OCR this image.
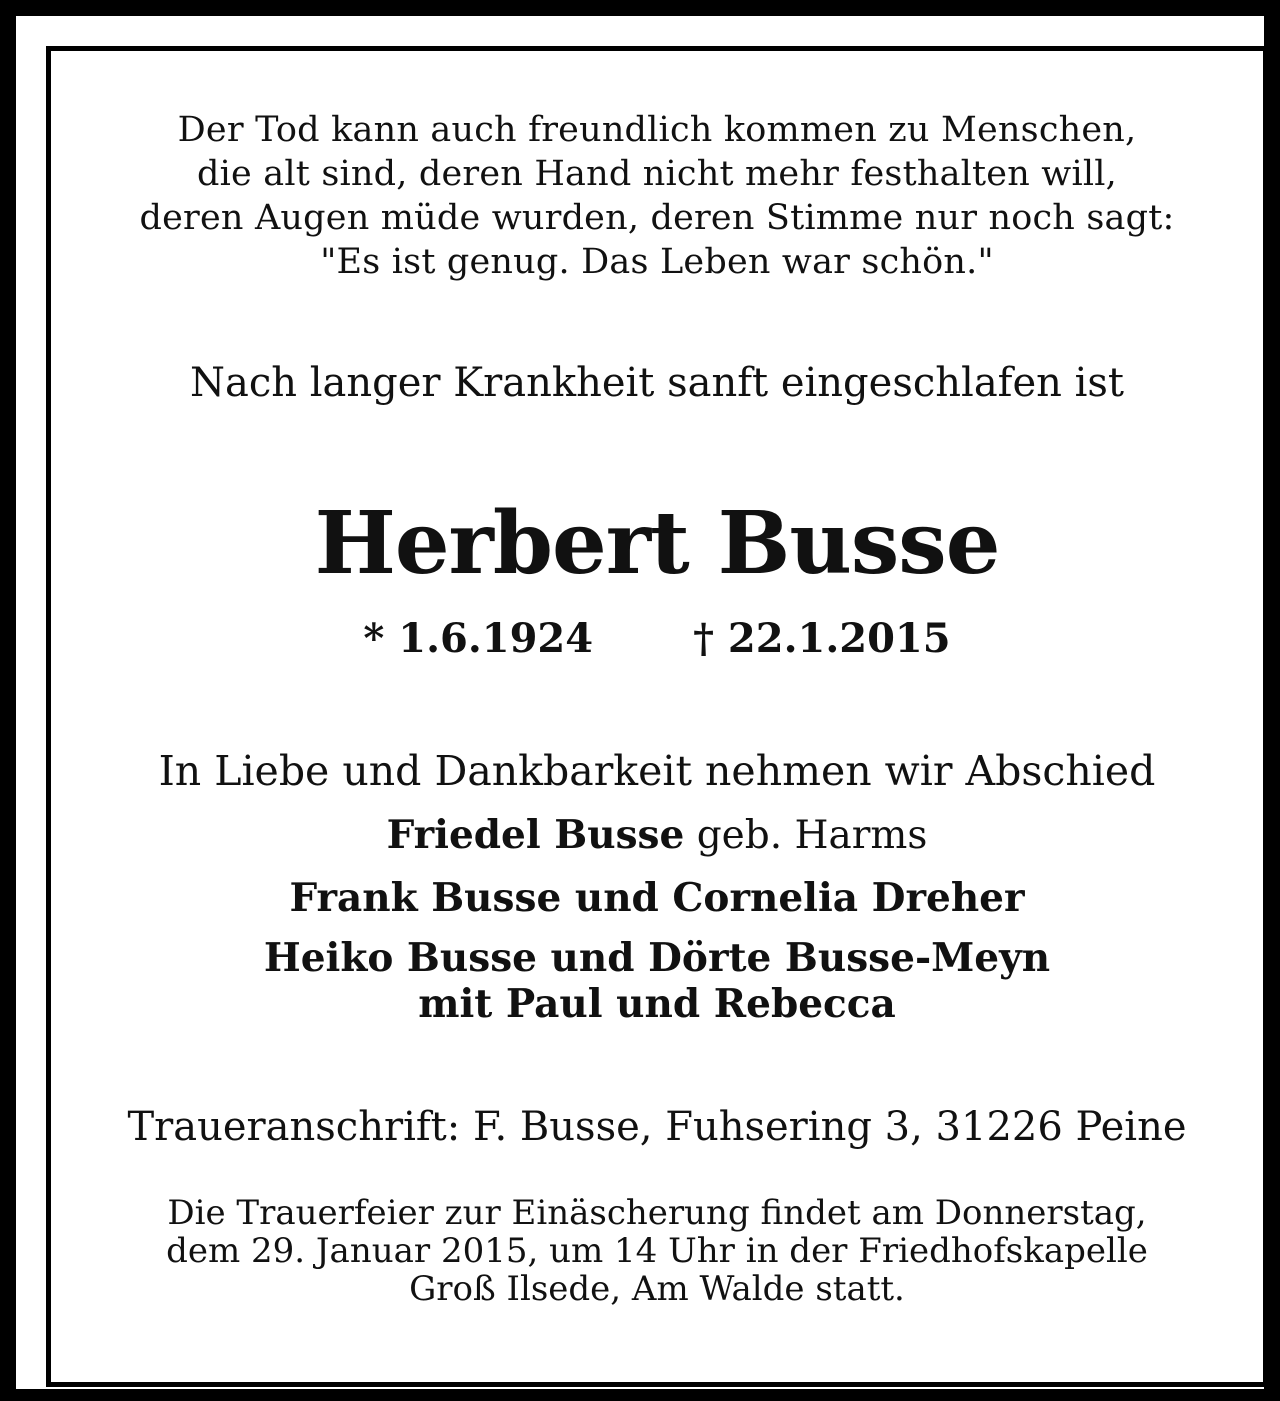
Der Tod kann auch freundlich kommen zu Menschen,
die alt sind, deren Hand nicht mehr festhalten will,
deren Augen müde wurden, deren Stimme nur noch sagt:
"Es ist genug. Das Leben war schön."
Nach langer Krankheit sanft eingeschlafen ist
Herbert Busse
* 1.6.1924	† 22.1.2015
In Liebe und Dankbarkeit nehmen wir Abschied
Friedel Busse geb. Harms
Frank Busse und Cornelia Dreher
Heiko Busse und Dörte Busse-Meyn
mit Paul und Rebecca
Traueranschrift: F. Busse, Fuhsering 3, 31226 Peine
Die Trauerfeier zur Einäscherung findet am Donnerstag,
dem 29. Januar 2015, um 14 Uhr in der Friedhofskapelle
Groß Ilsede, Am Walde statt.
